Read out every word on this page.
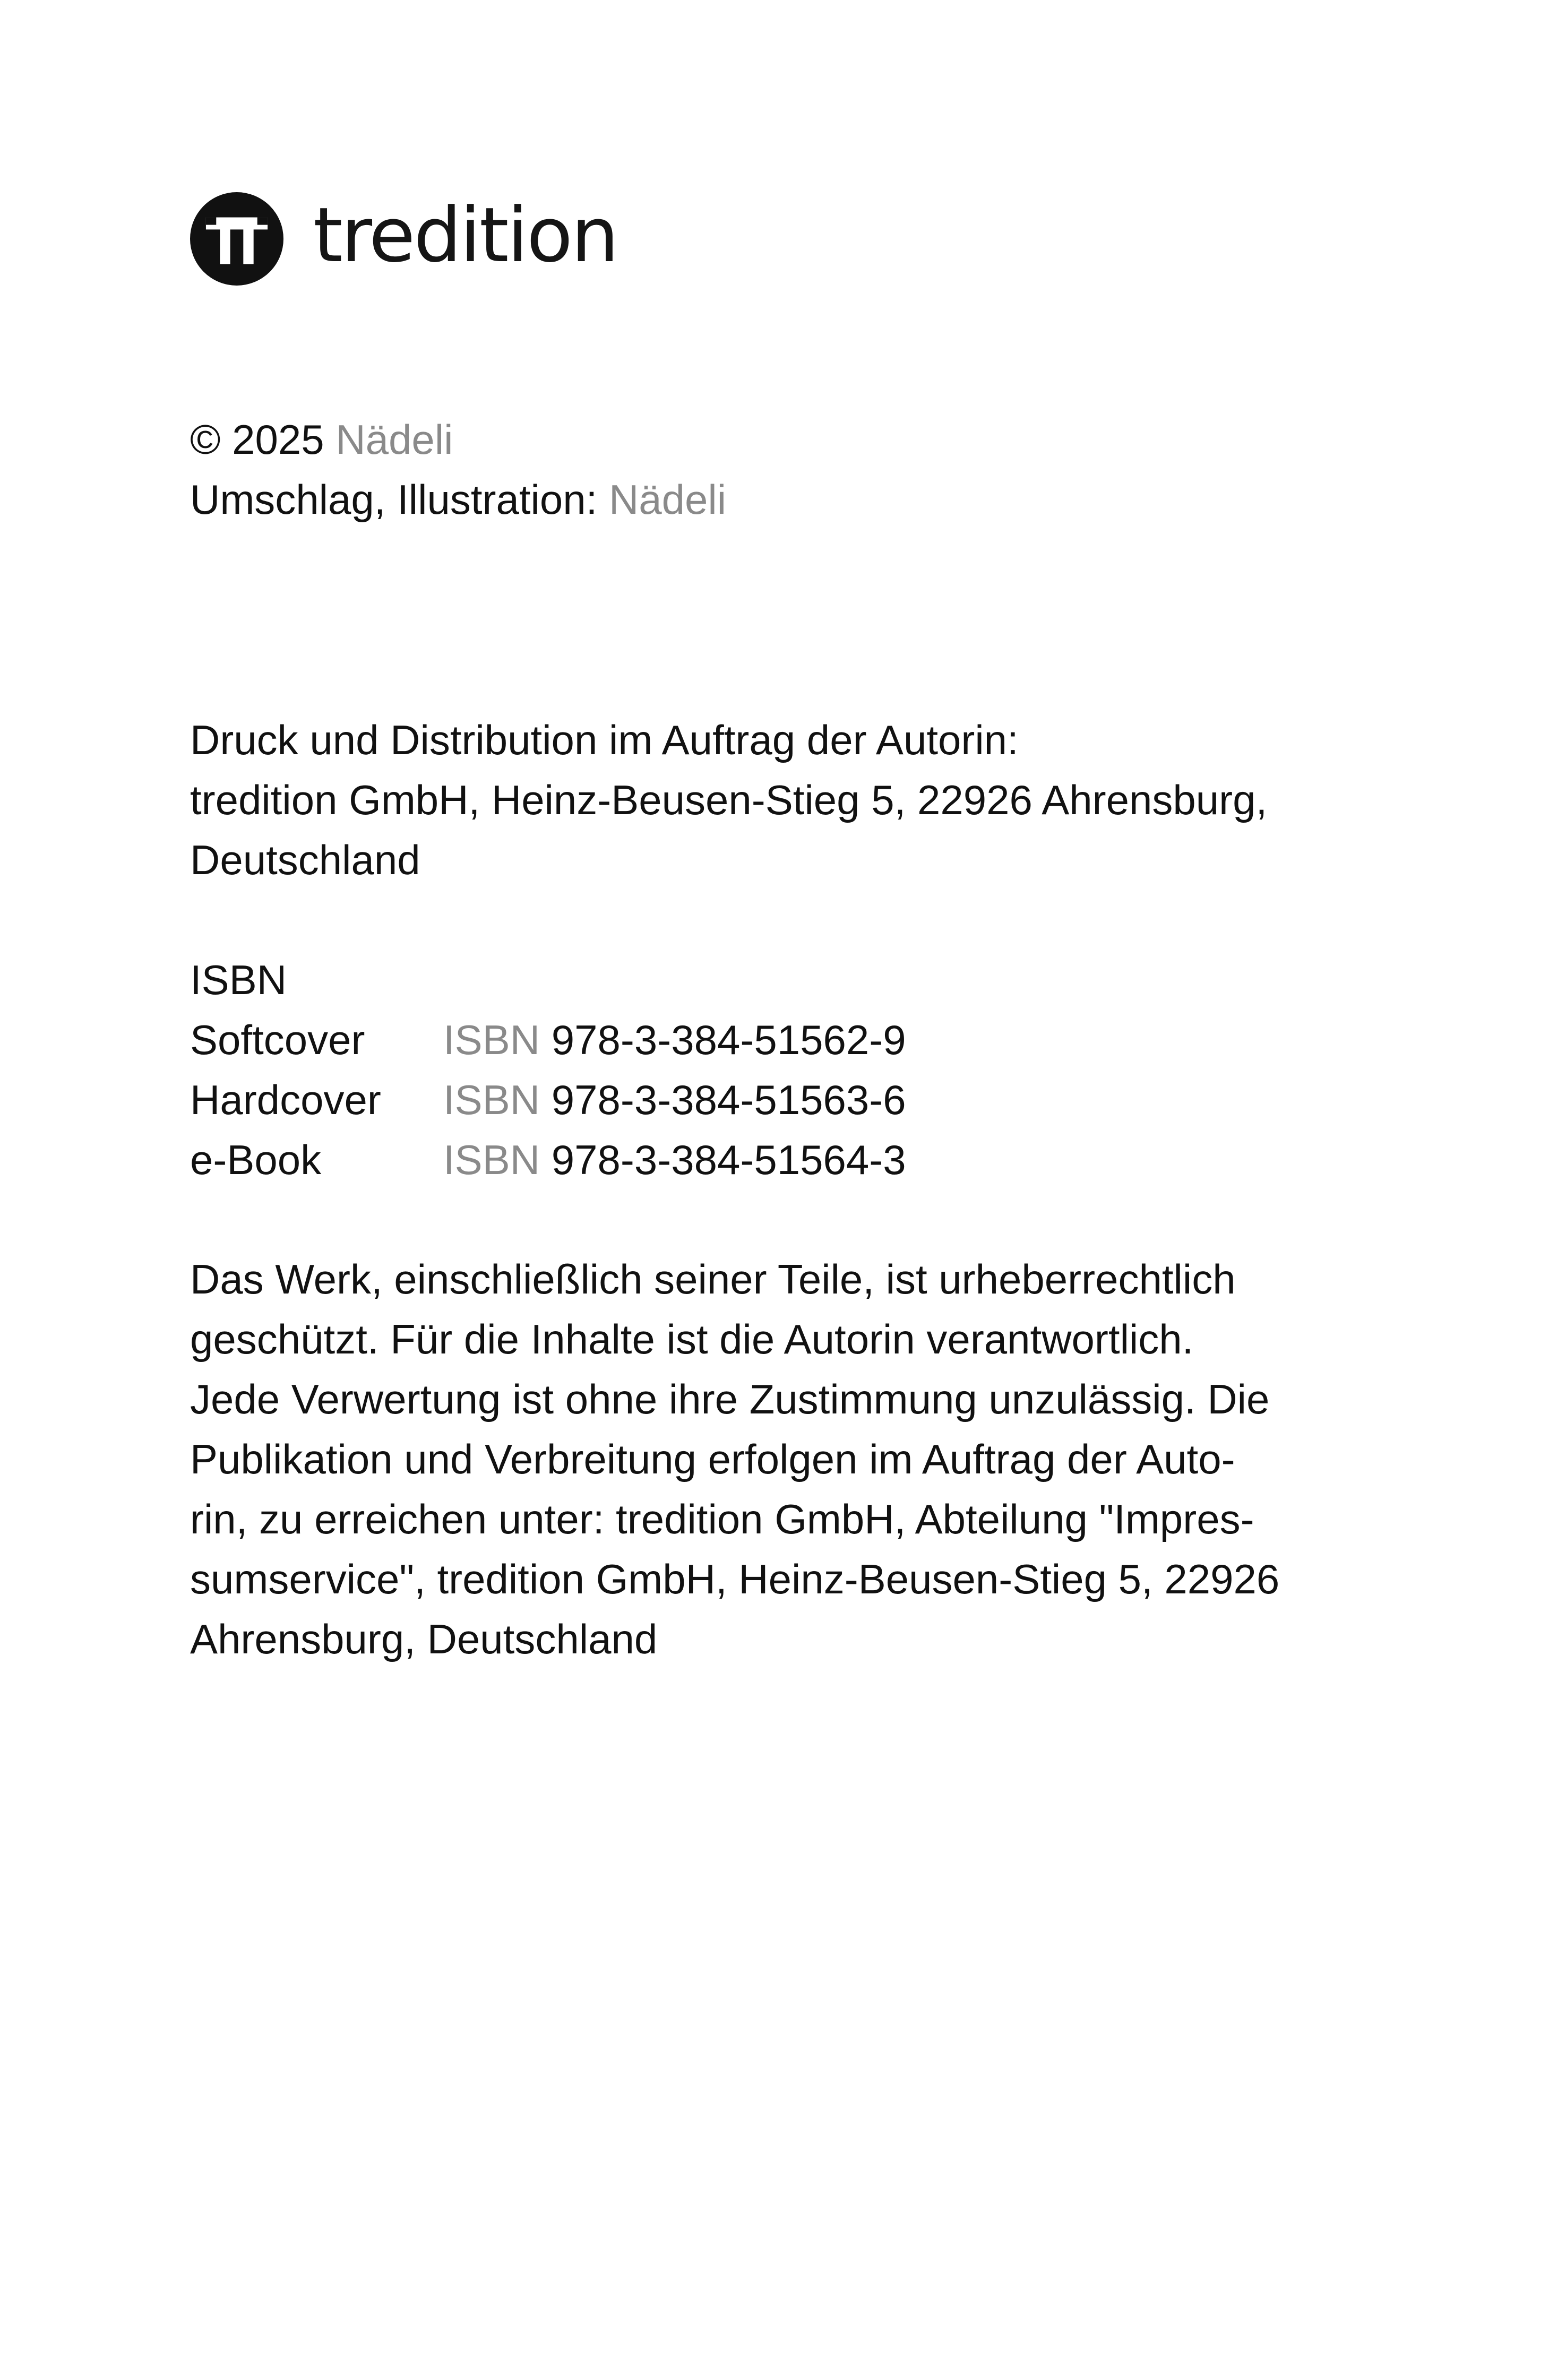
tredition
© 2025 Nädeli
Umschlag, Illustration: Nädeli
Druck und Distribution im Auftrag der Autorin:
tredition GmbH, Heinz-Beusen-Stieg 5, 22926 Ahrensburg,
Deutschland
ISBN
Softcover	ISBN 978-3-384-51562-9
Hardcover	ISBN 978-3-384-51563-6
e-Book	ISBN 978-3-384-51564-3
Das Werk, einschließlich seiner Teile, ist urheberrechtlich
geschützt. Für die Inhalte ist die Autorin verantwortlich.
Jede Verwertung ist ohne ihre Zustimmung unzulässig. Die
Publikation und Verbreitung erfolgen im Auftrag der Auto-
rin, zu erreichen unter: tredition GmbH, Abteilung "Impres-
sumservice", tredition GmbH, Heinz-Beusen-Stieg 5, 22926
Ahrensburg, Deutschland
